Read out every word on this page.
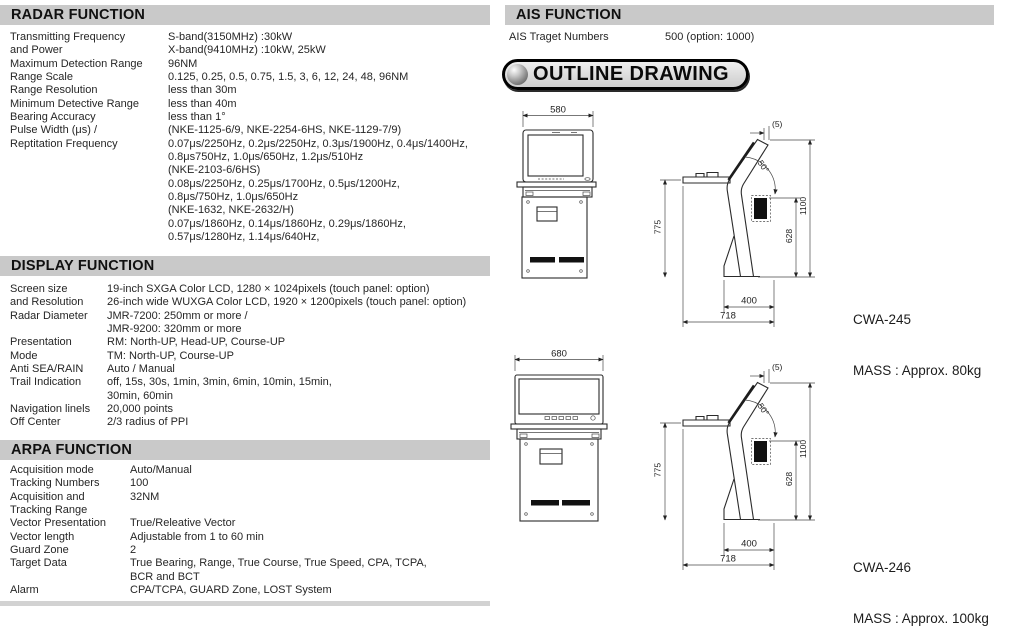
RADAR FUNCTION
Transmitting Frequency	S-band(3150MHz) :30kW
and Power	X-band(9410MHz) :10kW, 25kW
Maximum Detection Range	96NM
Range Scale	0.125, 0.25, 0.5, 0.75, 1.5, 3, 6, 12, 24, 48, 96NM
Range Resolution	less than 30m
Minimum Detective Range	less than 40m
Bearing Accuracy	less than 1°
Pulse Width (μs) /	(NKE-1125-6/9, NKE-2254-6HS, NKE-1129-7/9)
Reptitation Frequency	0.07μs/2250Hz, 0.2μs/2250Hz, 0.3μs/1900Hz, 0.4μs/1400Hz,
0.8μs750Hz, 1.0μs/650Hz, 1.2μs/510Hz
(NKE-2103-6/6HS)
0.08μs/2250Hz, 0.25μs/1700Hz, 0.5μs/1200Hz,
0.8μs/750Hz, 1.0μs/650Hz
(NKE-1632, NKE-2632/H)
0.07μs/1860Hz, 0.14μs/1860Hz, 0.29μs/1860Hz,
0.57μs/1280Hz, 1.14μs/640Hz,
DISPLAY FUNCTION
Screen size	19-inch SXGA Color LCD, 1280 × 1024pixels (touch panel: option)
and Resolution	26-inch wide WUXGA Color LCD, 1920 × 1200pixels (touch panel: option)
Radar Diameter	JMR-7200: 250mm or more /
JMR-9200: 320mm or more
Presentation	RM: North-UP, Head-UP, Course-UP
Mode	TM: North-UP, Course-UP
Anti SEA/RAIN	Auto / Manual
Trail Indication	off, 15s, 30s, 1min, 3min, 6min, 10min, 15min,
30min, 60min
Navigation linels	20,000 points
Off Center	2/3 radius of PPI
ARPA FUNCTION
Acquisition mode	Auto/Manual
Tracking Numbers	100
Acquisition and	32NM
Tracking Range
Vector Presentation	True/Releative Vector
Vector length	Adjustable from 1 to 60 min
Guard Zone	2
Target Data	True Bearing, Range, True Course, True Speed, CPA, TCPA,
BCR and BCT
Alarm	CPA/TCPA, GUARD Zone, LOST System
AIS FUNCTION
AIS Traget Numbers	500 (option: 1000)
OUTLINE DRAWING
580
775
1100
628
(5)
50°
400
718

	CWA-245

MASS : Approx. 80kg

680
775
1100
628
(5)
50°
400
718

CWA-246

MASS : Approx. 100kg
